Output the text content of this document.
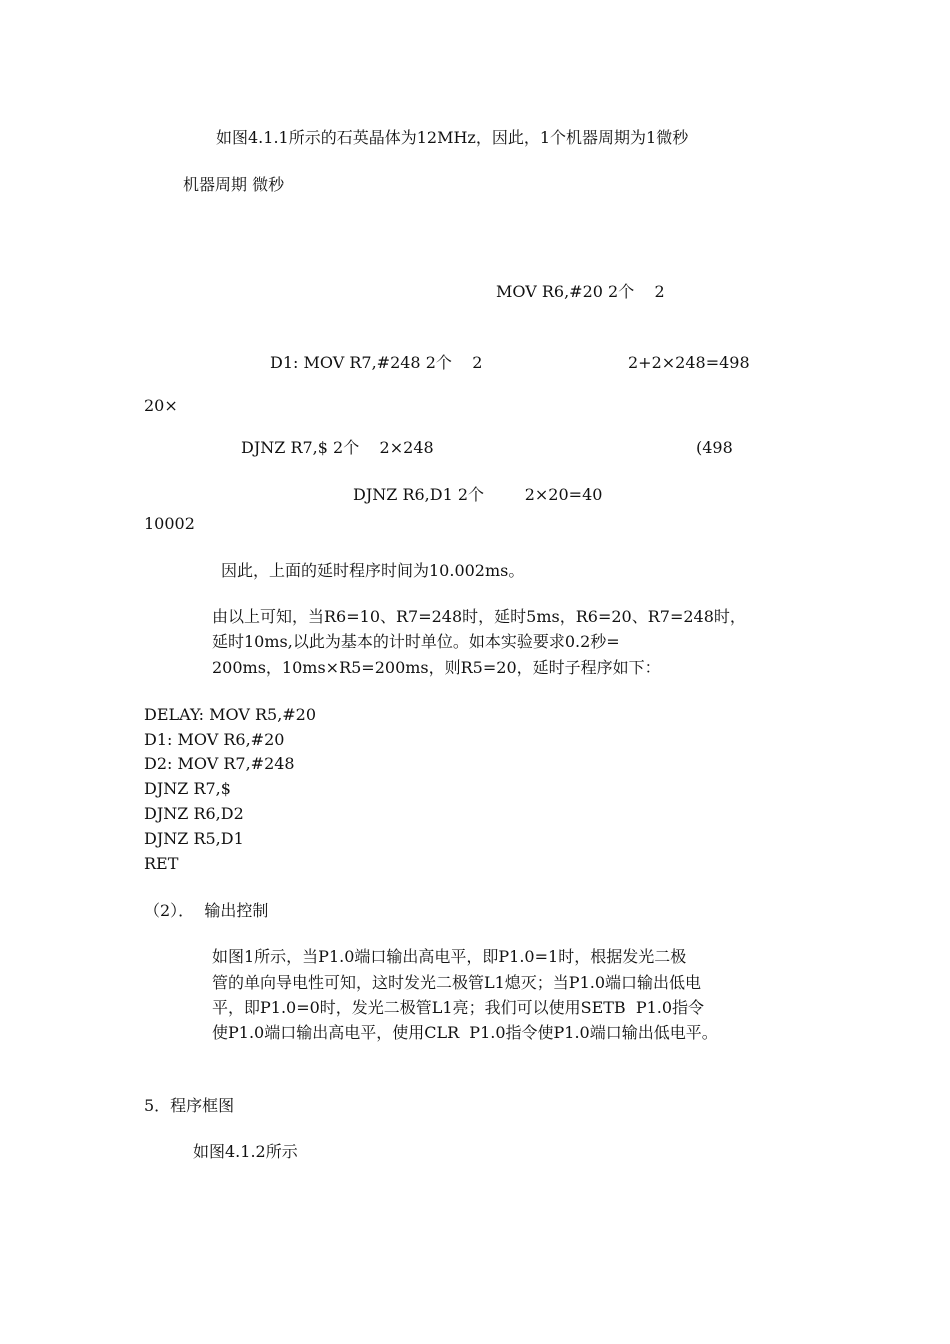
如图4.1.1所示的石英晶体为12MHz，因此，1个机器周期为1微秒
机器周期 微秒
MOV R6,#20 2个    2
D1: MOV R7,#248 2个    2	2+2×248=498
20×
DJNZ R7,$ 2个    2×248	(498
DJNZ R6,D1 2个        2×20=40
10002
因此，上面的延时程序时间为10.002ms。
由以上可知，当R6=10、R7=248时，延时5ms，R6=20、R7=248时，
延时10ms,以此为基本的计时单位。如本实验要求0.2秒=
200ms，10ms×R5=200ms，则R5=20，延时子程序如下：
DELAY: MOV R5,#20
D1: MOV R6,#20
D2: MOV R7,#248
DJNZ R7,$
DJNZ R6,D2
DJNZ R5,D1
RET
（2）．  输出控制
如图1所示，当P1.0端口输出高电平，即P1.0=1时，根据发光二极
管的单向导电性可知，这时发光二极管L1熄灭；当P1.0端口输出低电
平，即P1.0=0时，发光二极管L1亮；我们可以使用SETB  P1.0指令
使P1.0端口输出高电平，使用CLR  P1.0指令使P1.0端口输出低电平。
5．程序框图
如图4.1.2所示
